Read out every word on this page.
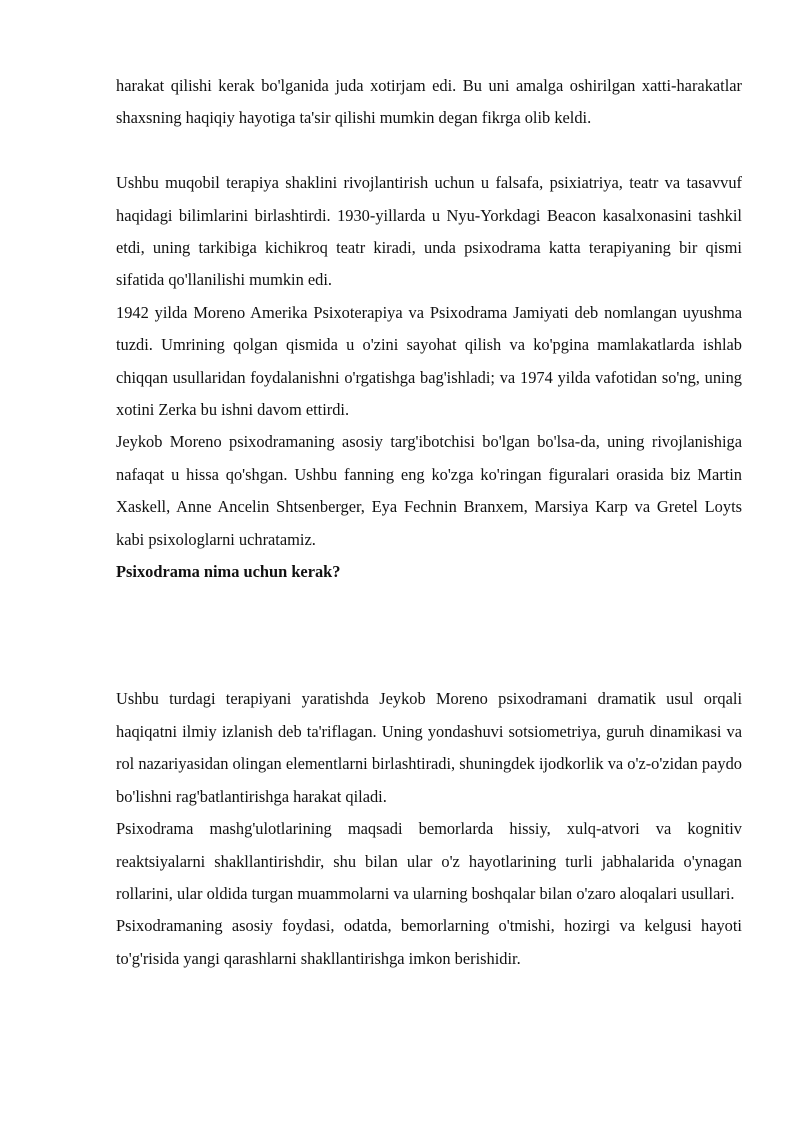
harakat qilishi kerak bo'lganida juda xotirjam edi. Bu uni amalga oshirilgan xatti-harakatlar shaxsning haqiqiy hayotiga ta'sir qilishi mumkin degan fikrga olib keldi.

Ushbu muqobil terapiya shaklini rivojlantirish uchun u falsafa, psixiatriya, teatr va tasavvuf haqidagi bilimlarini birlashtirdi. 1930-yillarda u Nyu-Yorkdagi Beacon kasalxonasini tashkil etdi, uning tarkibiga kichikroq teatr kiradi, unda psixodrama katta terapiyaning bir qismi sifatida qo'llanilishi mumkin edi.

1942 yilda Moreno Amerika Psixoterapiya va Psixodrama Jamiyati deb nomlangan uyushma tuzdi. Umrining qolgan qismida u o'zini sayohat qilish va ko'pgina mamlakatlarda ishlab chiqqan usullaridan foydalanishni o'rgatishga bag'ishladi; va 1974 yilda vafotidan so'ng, uning xotini Zerka bu ishni davom ettirdi.

Jeykob Moreno psixodramaning asosiy targ'ibotchisi bo'lgan bo'lsa-da, uning rivojlanishiga nafaqat u hissa qo'shgan. Ushbu fanning eng ko'zga ko'ringan figuralari orasida biz Martin Xaskell, Anne Ancelin Shtsenberger, Eya Fechnin Branxem, Marsiya Karp va Gretel Loyts kabi psixologlarni uchratamiz.

Psixodrama nima uchun kerak?

Ushbu turdagi terapiyani yaratishda Jeykob Moreno psixodramani dramatik usul orqali haqiqatni ilmiy izlanish deb ta'riflagan. Uning yondashuvi sotsiometriya, guruh dinamikasi va rol nazariyasidan olingan elementlarni birlashtiradi, shuningdek ijodkorlik va o'z-o'zidan paydo bo'lishni rag'batlantirishga harakat qiladi.

Psixodrama mashg'ulotlarining maqsadi bemorlarda hissiy, xulq-atvori va kognitiv reaktsiyalarni shakllantirishdir, shu bilan ular o'z hayotlarining turli jabhalarida o'ynagan rollarini, ular oldida turgan muammolarni va ularning boshqalar bilan o'zaro aloqalari usullari.

Psixodramaning asosiy foydasi, odatda, bemorlarning o'tmishi, hozirgi va kelgusi hayoti to'g'risida yangi qarashlarni shakllantirishga imkon berishidir.
